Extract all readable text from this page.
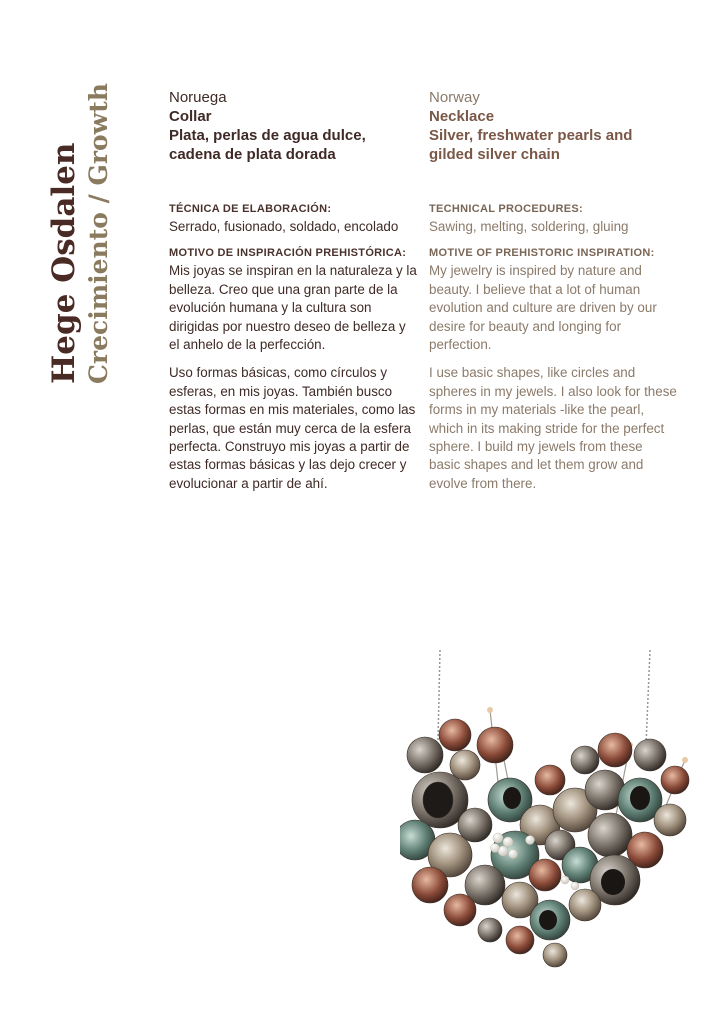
Hege Osdalen Crecimiento / Growth	Noruega

Collar

Plata, perlas de agua dulce, cadena de plata dorada

TÉCNICA DE ELABORACIÓN:

Serrado, fusionado, soldado, encolado

MOTIVO DE INSPIRACIÓN PREHISTÓRICA:

Mis joyas se inspiran en la naturaleza y la belleza. Creo que una gran parte de la evolución humana y la cultura son dirigidas por nuestro deseo de belleza y el anhelo de la perfección.

Uso formas básicas, como círculos y esferas, en mis joyas. También busco estas formas en mis materiales, como las perlas, que están muy cerca de la esfera perfecta. Construyo mis joyas a partir de estas formas básicas y las dejo crecer y evolucionar a partir de ahí.

Norway

Necklace

Silver, freshwater pearls and gilded silver chain

TECHNICAL PROCEDURES:

Sawing, melting, soldering, gluing

MOTIVE OF PREHISTORIC INSPIRATION:

My jewelry is inspired by nature and beauty. I believe that a lot of human evolution and culture are driven by our desire for beauty and longing for perfection.

I use basic shapes, like circles and spheres in my jewels. I also look for these forms in my materials -like the pearl, which in its making stride for the perfect sphere. I build my jewels from these basic shapes and let them grow and evolve from there.
